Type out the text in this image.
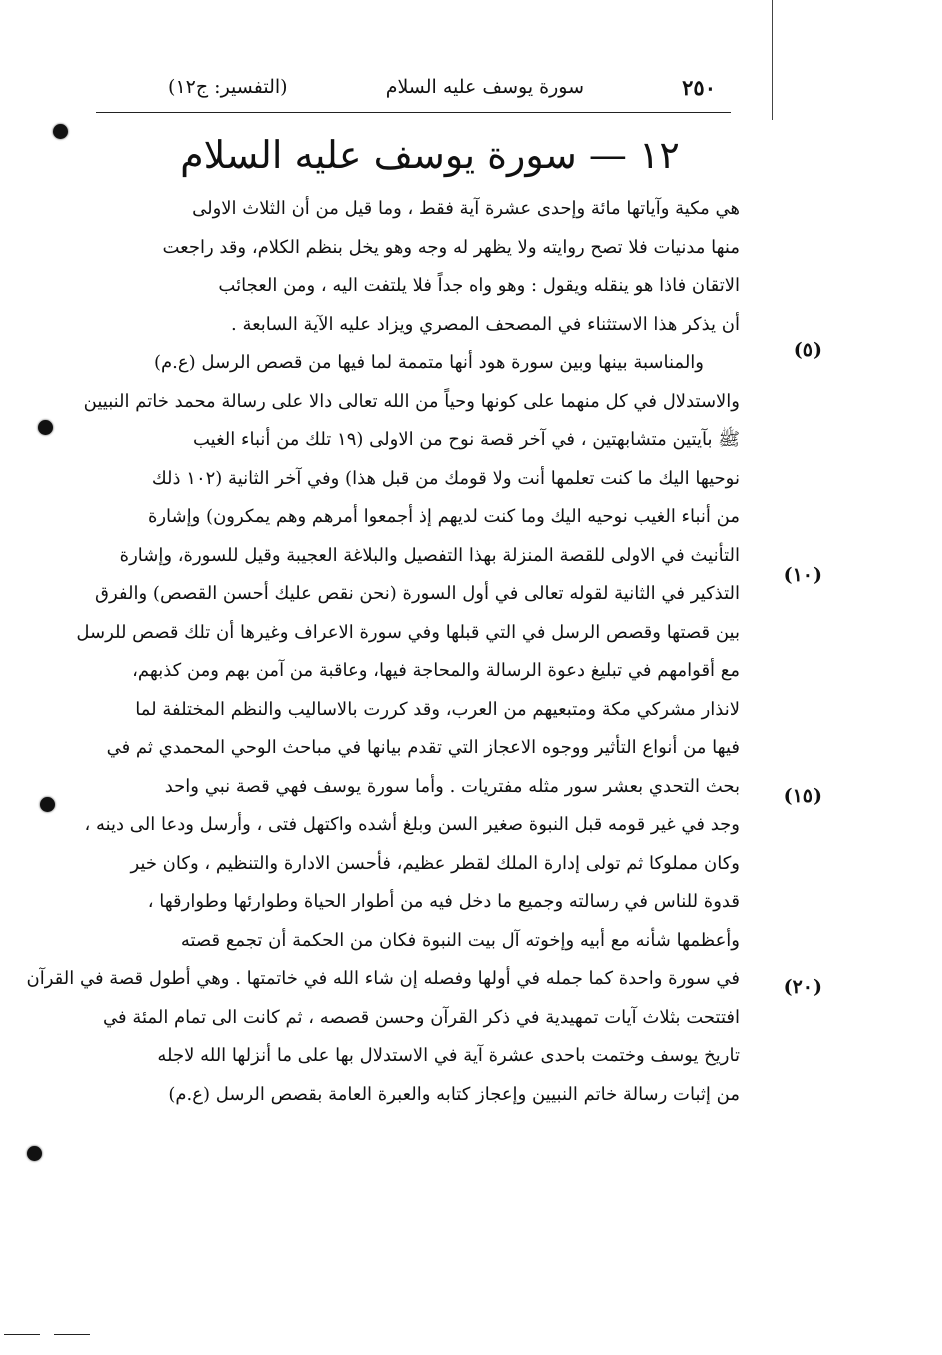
٢٥٠
سورة يوسف عليه السلام
(التفسير: ج١٢)
١٢ — سورة يوسف عليه السلام
هي مكية وآياتها مائة وإحدى عشرة آية فقط ، وما قيل من أن الثلاث الاولى
منها مدنيات فلا تصح روايته ولا يظهر له وجه وهو يخل بنظم الكلام، وقد راجعت
الاتقان فاذا هو ينقله ويقول : وهو واه جداً فلا يلتفت اليه ، ومن العجائب
أن يذكر هذا الاستثناء في المصحف المصري ويزاد عليه الآية السابعة .
والمناسبة بينها وبين سورة هود أنها متممة لما فيها من قصص الرسل (ع.م)
والاستدلال في كل منهما على كونها وحياً من الله تعالى دالا على رسالة محمد خاتم النبيين
ﷺ بآيتين متشابهتين ، في آخر قصة نوح من الاولى (١٩ تلك من أنباء الغيب
نوحيها اليك ما كنت تعلمها أنت ولا قومك من قبل هذا) وفي آخر الثانية (١٠٢ ذلك
من أنباء الغيب نوحيه اليك وما كنت لديهم إذ أجمعوا أمرهم وهم يمكرون) وإشارة
التأنيث في الاولى للقصة المنزلة بهذا التفصيل والبلاغة العجيبة وقيل للسورة، وإشارة
التذكير في الثانية لقوله تعالى في أول السورة (نحن نقص عليك أحسن القصص) والفرق
بين قصتها وقصص الرسل في التي قبلها وفي سورة الاعراف وغيرها أن تلك قصص للرسل
مع أقوامهم في تبليغ دعوة الرسالة والمحاجة فيها، وعاقبة من آمن بهم ومن كذبهم،
لانذار مشركي مكة ومتبعيهم من العرب، وقد كررت بالاساليب والنظم المختلفة لما
فيها من أنواع التأثير ووجوه الاعجاز التي تقدم بيانها في مباحث الوحي المحمدي ثم في
بحث التحدي بعشر سور مثله مفتريات . وأما سورة يوسف فهي قصة نبي واحد
وجد في غير قومه قبل النبوة صغير السن وبلغ أشده واكتهل فتى ، وأرسل ودعا الى دينه ،
وكان مملوكا ثم تولى إدارة الملك لقطر عظيم، فأحسن الادارة والتنظيم ، وكان خير
قدوة للناس في رسالته وجميع ما دخل فيه من أطوار الحياة وطوارئها وطوارقها ،
وأعظمها شأنه مع أبيه وإخوته آل بيت النبوة فكان من الحكمة أن تجمع قصته
في سورة واحدة كما جمله في أولها وفصله إن شاء الله في خاتمتها . وهي أطول قصة في القرآن
افتتحت بثلاث آيات تمهيدية في ذكر القرآن وحسن قصصه ، ثم كانت الى تمام المئة في
تاريخ يوسف وختمت باحدى عشرة آية في الاستدلال بها على ما أنزلها الله لاجله
من إثبات رسالة خاتم النبيين وإعجاز كتابه والعبرة العامة بقصص الرسل (ع.م)
(٥)
(١٠)
(١٥)
(٢٠)
